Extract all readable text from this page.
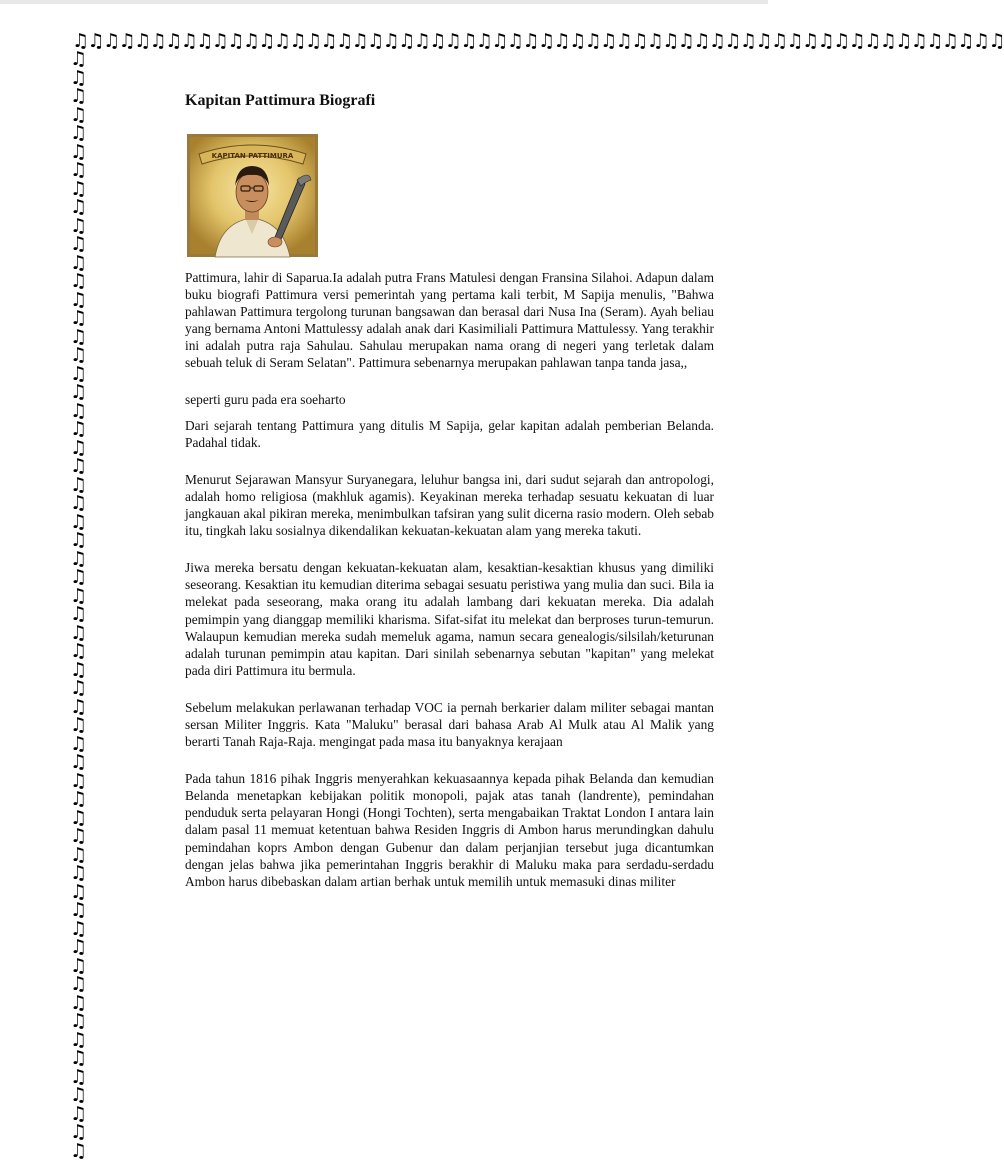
♫♫♫♫♫♫♫♫♫♫♫♫♫♫♫♫♫♫♫♫♫♫♫♫♫♫♫♫♫♫♫♫♫♫♫♫♫♫♫♫♫♫♫♫♫♫♫♫♫♫♫♫♫♫♫♫♫♫♫♫
♫♫♫♫♫♫♫♫♫♫♫♫♫♫♫♫♫♫♫♫♫♫♫♫♫♫♫♫♫♫♫♫♫♫♫♫♫♫♫♫♫♫♫♫♫♫♫♫♫♫♫♫♫♫♫♫♫♫♫♫
Kapitan Pattimura Biografi
KAPITAN PATTIMURA

Pattimura, lahir di Saparua.Ia adalah putra Frans Matulesi dengan Fransina Silahoi. Adapun dalam buku biografi Pattimura versi pemerintah yang pertama kali terbit, M Sapija menulis, "Bahwa pahlawan Pattimura tergolong turunan bangsawan dan berasal dari Nusa Ina (Seram). Ayah beliau yang bernama Antoni Mattulessy adalah anak dari Kasimiliali Pattimura Mattulessy. Yang terakhir ini adalah putra raja Sahulau. Sahulau merupakan nama orang di negeri yang terletak dalam sebuah teluk di Seram Selatan". Pattimura sebenarnya merupakan pahlawan tanpa tanda jasa,,

seperti guru pada era soeharto

Dari sejarah tentang Pattimura yang ditulis M Sapija, gelar kapitan adalah pemberian Belanda. Padahal tidak.

Menurut Sejarawan Mansyur Suryanegara, leluhur bangsa ini, dari sudut sejarah dan antropologi, adalah homo religiosa (makhluk agamis). Keyakinan mereka terhadap sesuatu kekuatan di luar jangkauan akal pikiran mereka, menimbulkan tafsiran yang sulit dicerna rasio modern. Oleh sebab itu, tingkah laku sosialnya dikendalikan kekuatan-kekuatan alam yang mereka takuti.

Jiwa mereka bersatu dengan kekuatan-kekuatan alam, kesaktian-kesaktian khusus yang dimiliki seseorang. Kesaktian itu kemudian diterima sebagai sesuatu peristiwa yang mulia dan suci. Bila ia melekat pada seseorang, maka orang itu adalah lambang dari kekuatan mereka. Dia adalah pemimpin yang dianggap memiliki kharisma. Sifat-sifat itu melekat dan berproses turun-temurun. Walaupun kemudian mereka sudah memeluk agama, namun secara genealogis/silsilah/keturunan adalah turunan pemimpin atau kapitan. Dari sinilah sebenarnya sebutan "kapitan" yang melekat pada diri Pattimura itu bermula.

Sebelum melakukan perlawanan terhadap VOC ia pernah berkarier dalam militer sebagai mantan sersan Militer Inggris. Kata "Maluku" berasal dari bahasa Arab Al Mulk atau Al Malik yang berarti Tanah Raja-Raja. mengingat pada masa itu banyaknya kerajaan

Pada tahun 1816 pihak Inggris menyerahkan kekuasaannya kepada pihak Belanda dan kemudian Belanda menetapkan kebijakan politik monopoli, pajak atas tanah (landrente), pemindahan penduduk serta pelayaran Hongi (Hongi Tochten), serta mengabaikan Traktat London I antara lain dalam pasal 11 memuat ketentuan bahwa Residen Inggris di Ambon harus merundingkan dahulu pemindahan koprs Ambon dengan Gubenur dan dalam perjanjian tersebut juga dicantumkan dengan jelas bahwa jika pemerintahan Inggris berakhir di Maluku maka para serdadu-serdadu Ambon harus dibebaskan dalam artian berhak untuk memilih untuk memasuki dinas militer
